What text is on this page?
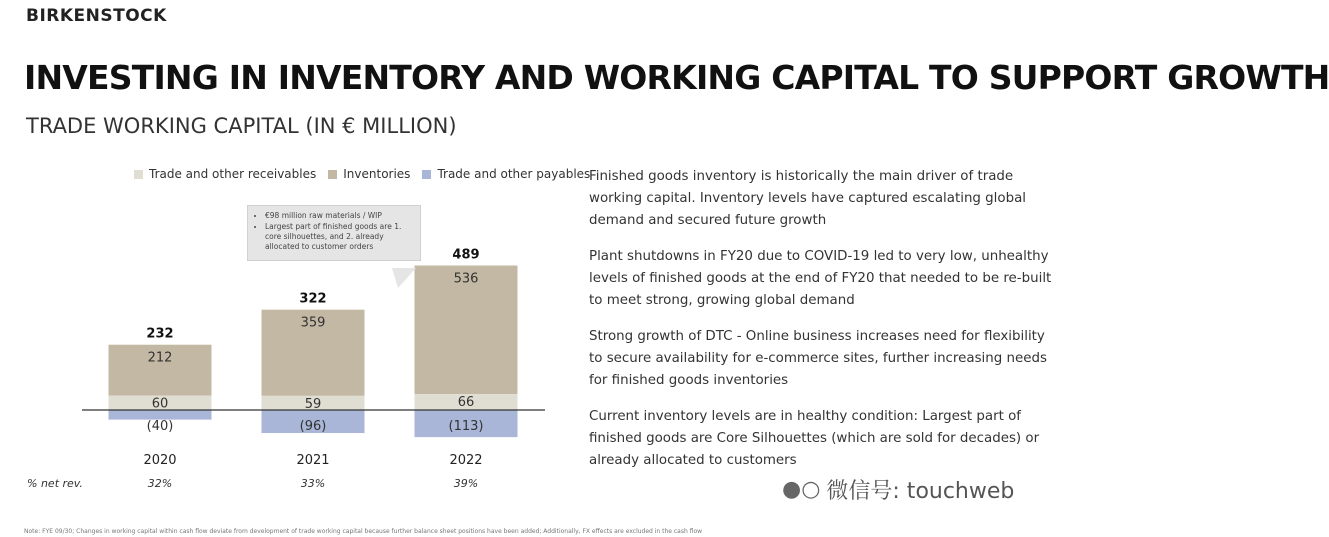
BIRKENSTOCK
INVESTING IN INVENTORY AND WORKING CAPITAL TO SUPPORT GROWTH
TRADE WORKING CAPITAL (IN € MILLION)
Trade and other receivables Inventories Trade and other payables
212
60
(40)
232
2020
32%
359
59
(96)
322
2021
33%
536
66
(113)
489
2022
39%
% net rev.
• €98 million raw materials / WIP
• Largest part of finished goods are 1. core silhouettes, and 2. already allocated to customer orders

Finished goods inventory is historically the main driver of trade working capital. Inventory levels have captured escalating global demand and secured future growth

Plant shutdowns in FY20 due to COVID-19 led to very low, unhealthy levels of finished goods at the end of FY20 that needed to be re-built to meet strong, growing global demand

Strong growth of DTC - Online business increases need for flexibility to secure availability for e-commerce sites, further increasing needs for finished goods inventories

Current inventory levels are in healthy condition: Largest part of finished goods are Core Silhouettes (which are sold for decades) or already allocated to customers

●○ 微信号: touchweb
Note: FYE 09/30; Changes in working capital within cash flow deviate from development of trade working capital because further balance sheet positions have been added; Additionally, FX effects are excluded in the cash flow
